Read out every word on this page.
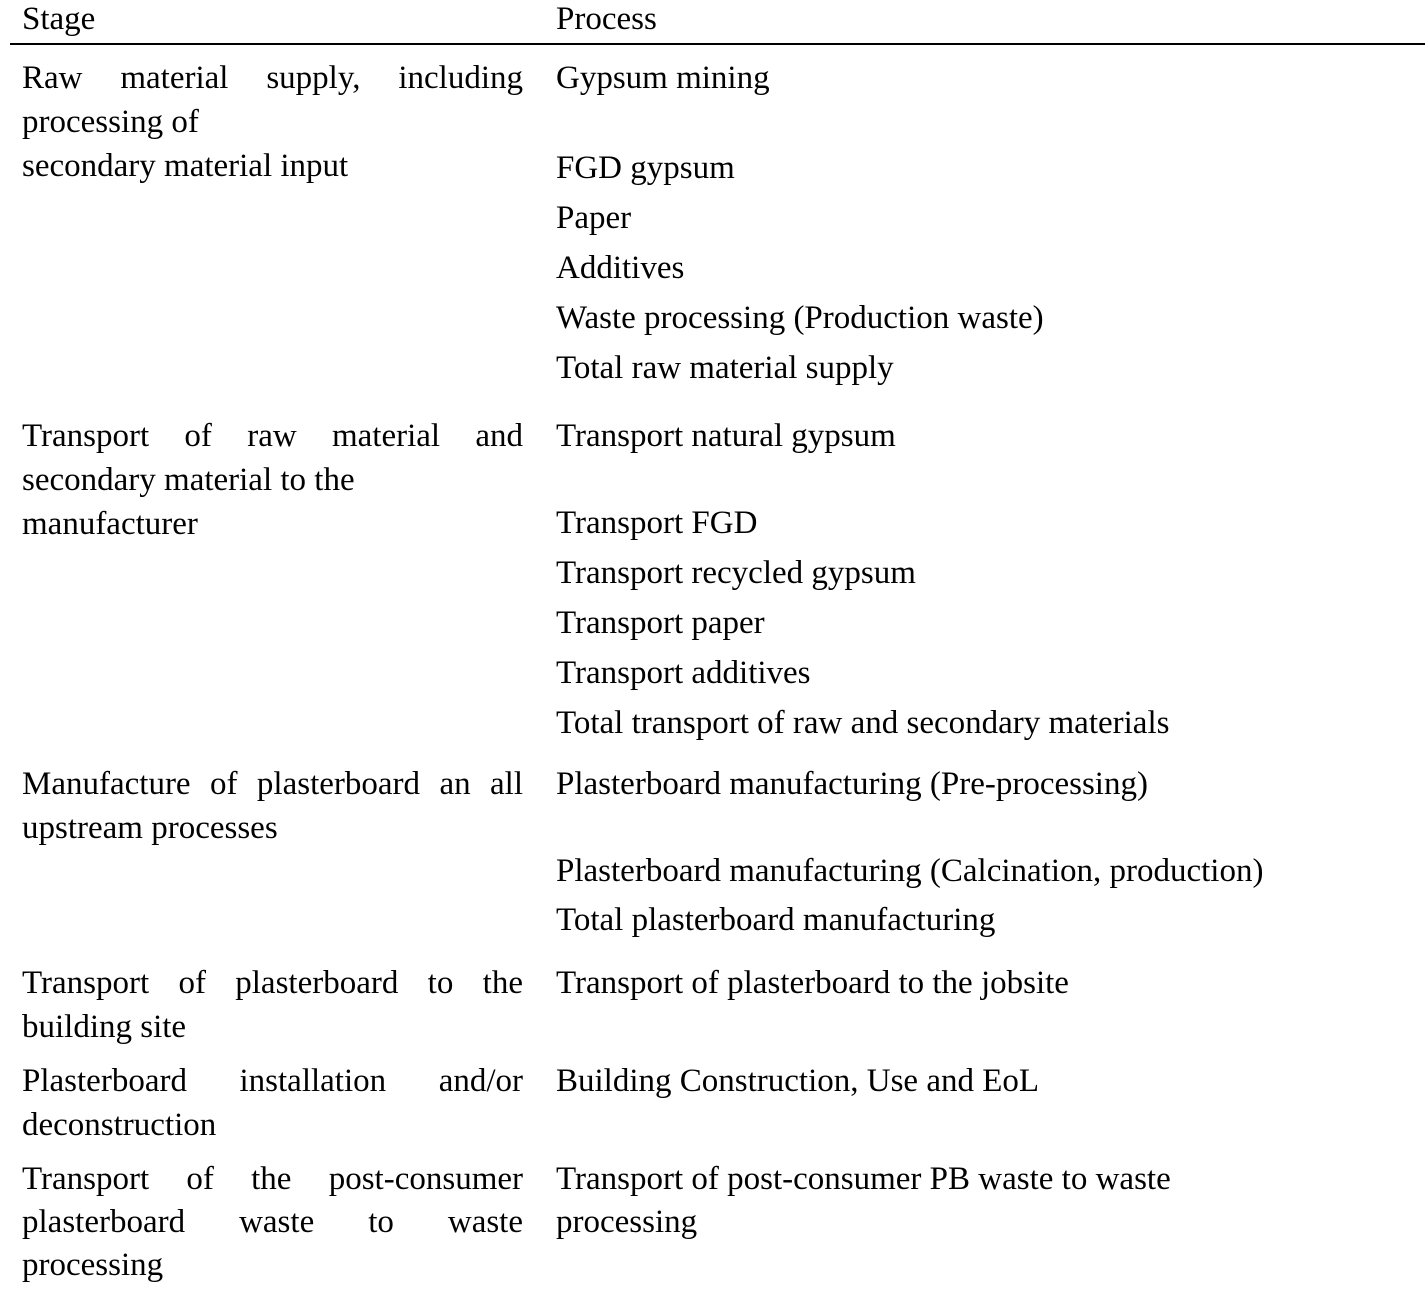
Stage	Process
Raw material supply, including processing of
secondary material input
Gypsum mining
FGD gypsum
Paper
Additives
Waste processing (Production waste)
Total raw material supply
Transport of raw material and secondary material to the
manufacturer
Transport natural gypsum
Transport FGD
Transport recycled gypsum
Transport paper
Transport additives
Total transport of raw and secondary materials
Manufacture of plasterboard an all upstream processes
Plasterboard manufacturing (Pre-processing)
Plasterboard manufacturing (Calcination, production)
Total plasterboard manufacturing
Transport of plasterboard to the building site
Transport of plasterboard to the jobsite
Plasterboard installation and/or deconstruction
Building Construction, Use and EoL
Transport of the post-consumer plasterboard waste to waste processing
Transport of post-consumer PB waste to waste processing
